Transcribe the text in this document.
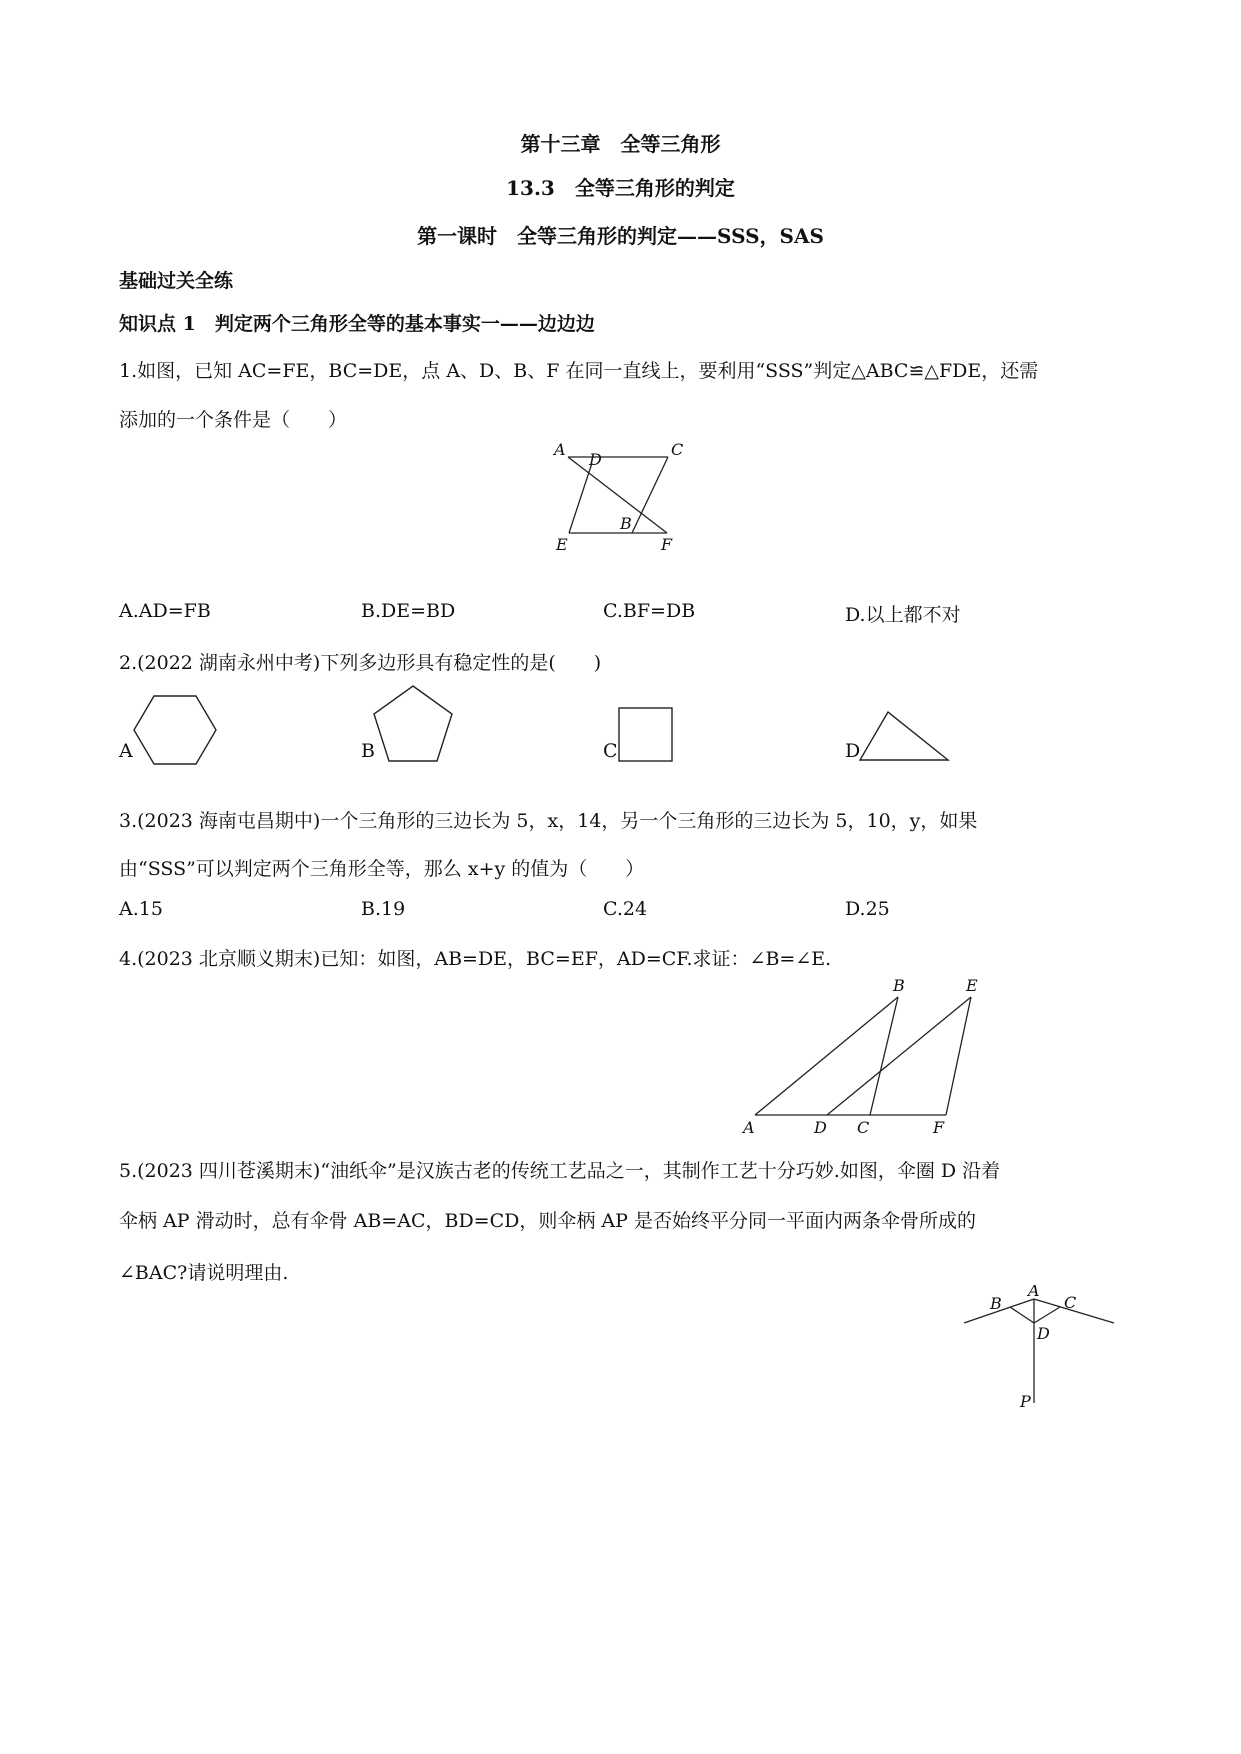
第十三章　全等三角形
13.3　全等三角形的判定
第一课时　全等三角形的判定——SSS，SAS
基础过关全练
知识点 1　判定两个三角形全等的基本事实一——边边边
1.如图，已知 AC=FE，BC=DE，点 A、D、B、F 在同一直线上，要利用“SSS”判定△ABC≌△FDE，还需
添加的一个条件是（　　）
A
D
C
B
E	F
A.AD=FB	B.DE=BD	C.BF=DB	D.以上都不对
2.(2022 湖南永州中考)下列多边形具有稳定性的是(　　)
A	B	C	D
3.(2023 海南屯昌期中)一个三角形的三边长为 5，x，14，另一个三角形的三边长为 5，10，y，如果
由“SSS”可以判定两个三角形全等，那么 x+y 的值为（　　）
A.15	B.19	C.24	D.25
4.(2023 北京顺义期末)已知：如图，AB=DE，BC=EF，AD=CF.求证：∠B=∠E.
B	E
A	D C	F
5.(2023 四川苍溪期末)“油纸伞”是汉族古老的传统工艺品之一，其制作工艺十分巧妙.如图，伞圈 D 沿着
伞柄 AP 滑动时，总有伞骨 AB=AC，BD=CD，则伞柄 AP 是否始终平分同一平面内两条伞骨所成的
∠BAC?请说明理由.
A
B	C
D
P
